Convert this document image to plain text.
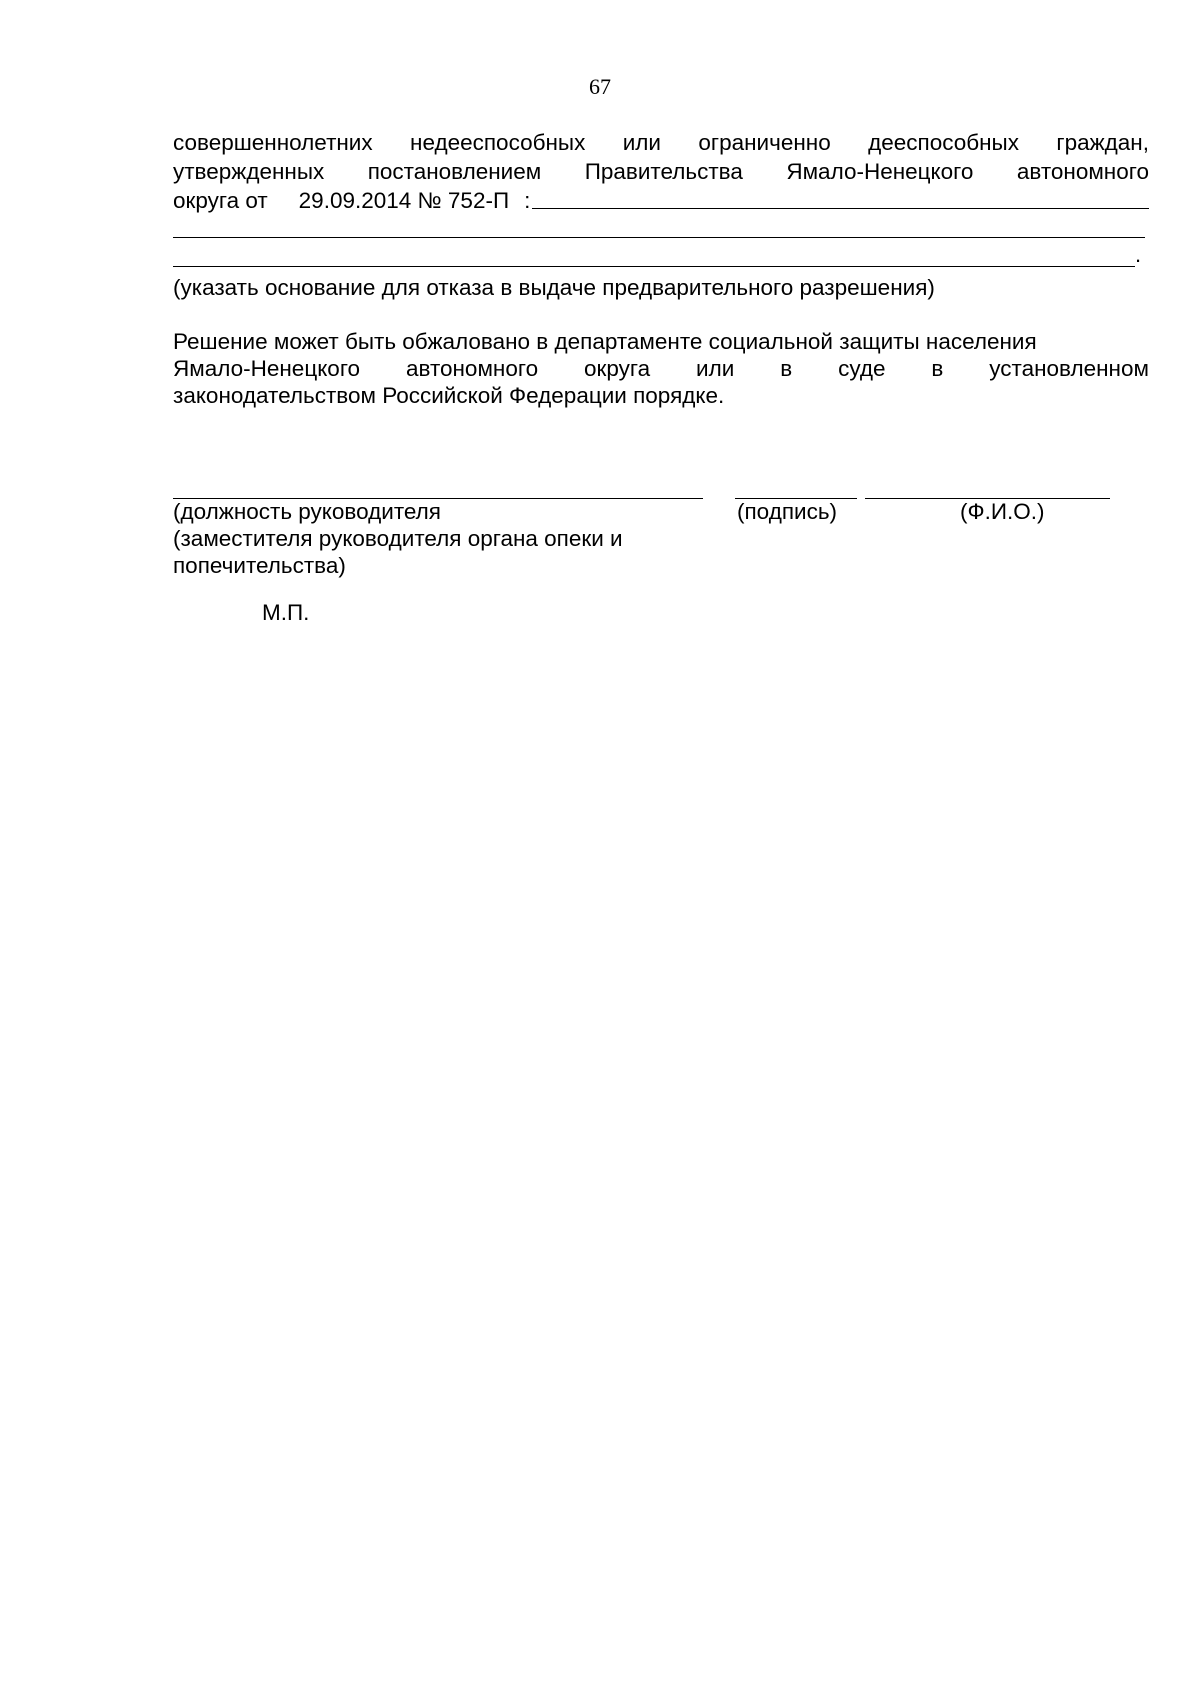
67
совершеннолетних недееспособных или ограниченно дееспособных граждан,
утвержденных постановлением Правительства Ямало-Ненецкого автономного
округа от 29.09.2014 № 752-П :
.
(указать основание для отказа в выдаче предварительного разрешения)
Решение может быть обжаловано в департаменте социальной защиты населения
Ямало-Ненецкого автономного округа или в суде в установленном
законодательством Российской Федерации порядке.
(должность руководителя
(заместителя руководителя органа опеки и
попечительства)
(подпись)	(Ф.И.О.)
М.П.
